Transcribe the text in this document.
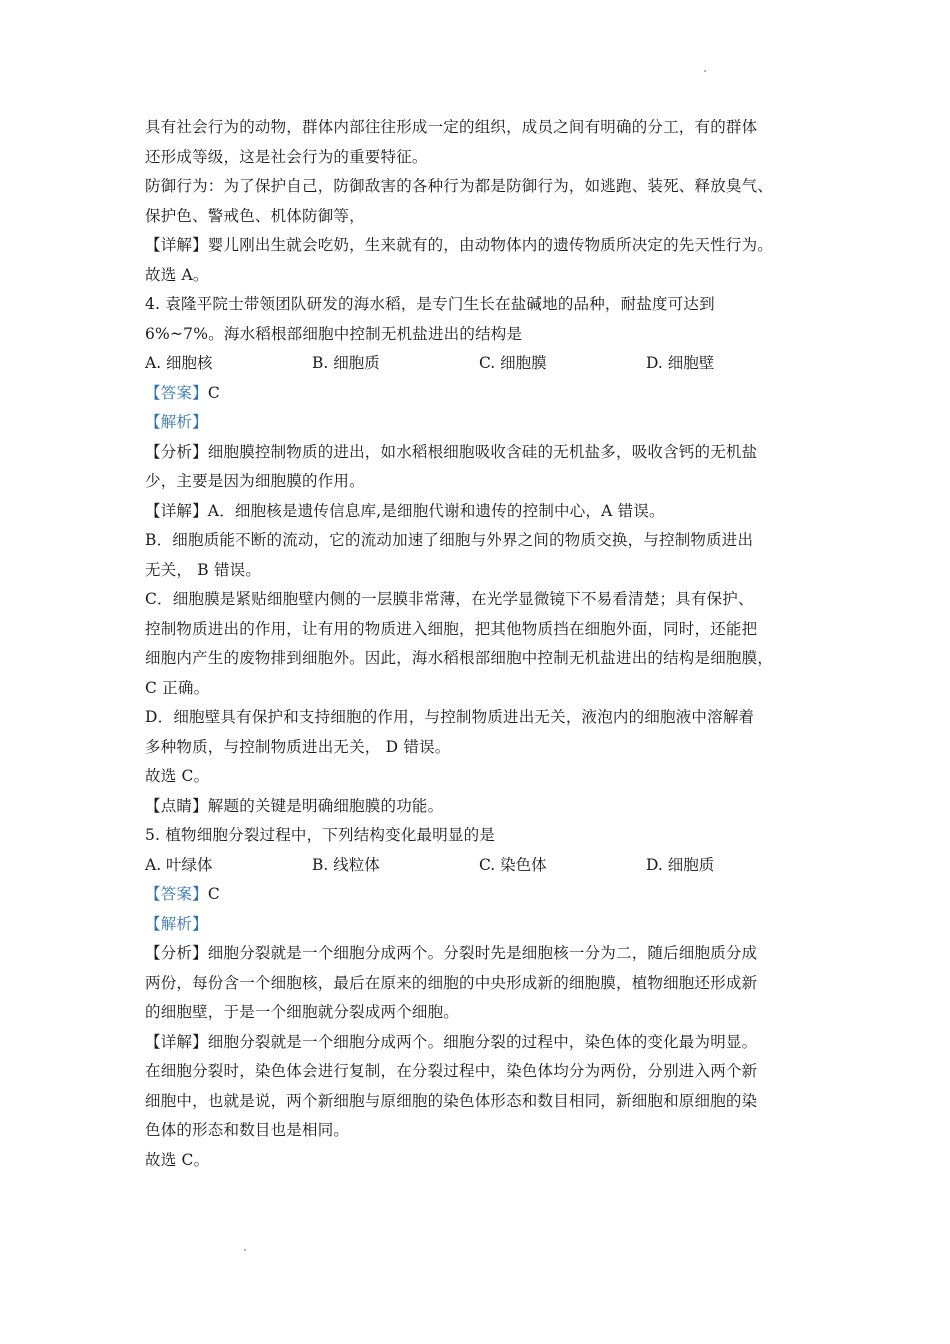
具有社会行为的动物，群体内部往往形成一定的组织，成员之间有明确的分工，有的群体
还形成等级，这是社会行为的重要特征。
防御行为：为了保护自己，防御敌害的各种行为都是防御行为，如逃跑、装死、释放臭气、
保护色、警戒色、机体防御等，
【详解】婴儿刚出生就会吃奶，生来就有的，由动物体内的遗传物质所决定的先天性行为。
故选 A。
4. 袁隆平院士带领团队研发的海水稻，是专门生长在盐碱地的品种，耐盐度可达到
6%~7%。海水稻根部细胞中控制无机盐进出的结构是
A. 细胞核	B. 细胞质	C. 细胞膜	D. 细胞壁
【答案】C
【解析】
【分析】细胞膜控制物质的进出，如水稻根细胞吸收含硅的无机盐多，吸收含钙的无机盐
少，主要是因为细胞膜的作用。
【详解】A．细胞核是遗传信息库,是细胞代谢和遗传的控制中心，A 错误。
B．细胞质能不断的流动，它的流动加速了细胞与外界之间的物质交换，与控制物质进出
无关， B 错误。
C．细胞膜是紧贴细胞壁内侧的一层膜非常薄，在光学显微镜下不易看清楚；具有保护、
控制物质进出的作用，让有用的物质进入细胞，把其他物质挡在细胞外面，同时，还能把
细胞内产生的废物排到细胞外。因此，海水稻根部细胞中控制无机盐进出的结构是细胞膜，
C 正确。
D．细胞壁具有保护和支持细胞的作用，与控制物质进出无关，液泡内的细胞液中溶解着
多种物质，与控制物质进出无关， D 错误。
故选 C。
【点睛】解题的关键是明确细胞膜的功能。
5. 植物细胞分裂过程中，下列结构变化最明显的是
A. 叶绿体	B. 线粒体	C. 染色体	D. 细胞质
【答案】C
【解析】
【分析】细胞分裂就是一个细胞分成两个。分裂时先是细胞核一分为二，随后细胞质分成
两份，每份含一个细胞核，最后在原来的细胞的中央形成新的细胞膜，植物细胞还形成新
的细胞壁，于是一个细胞就分裂成两个细胞。
【详解】细胞分裂就是一个细胞分成两个。细胞分裂的过程中，染色体的变化最为明显。
在细胞分裂时，染色体会进行复制，在分裂过程中，染色体均分为两份，分别进入两个新
细胞中，也就是说，两个新细胞与原细胞的染色体形态和数目相同，新细胞和原细胞的染
色体的形态和数目也是相同。
故选 C。
